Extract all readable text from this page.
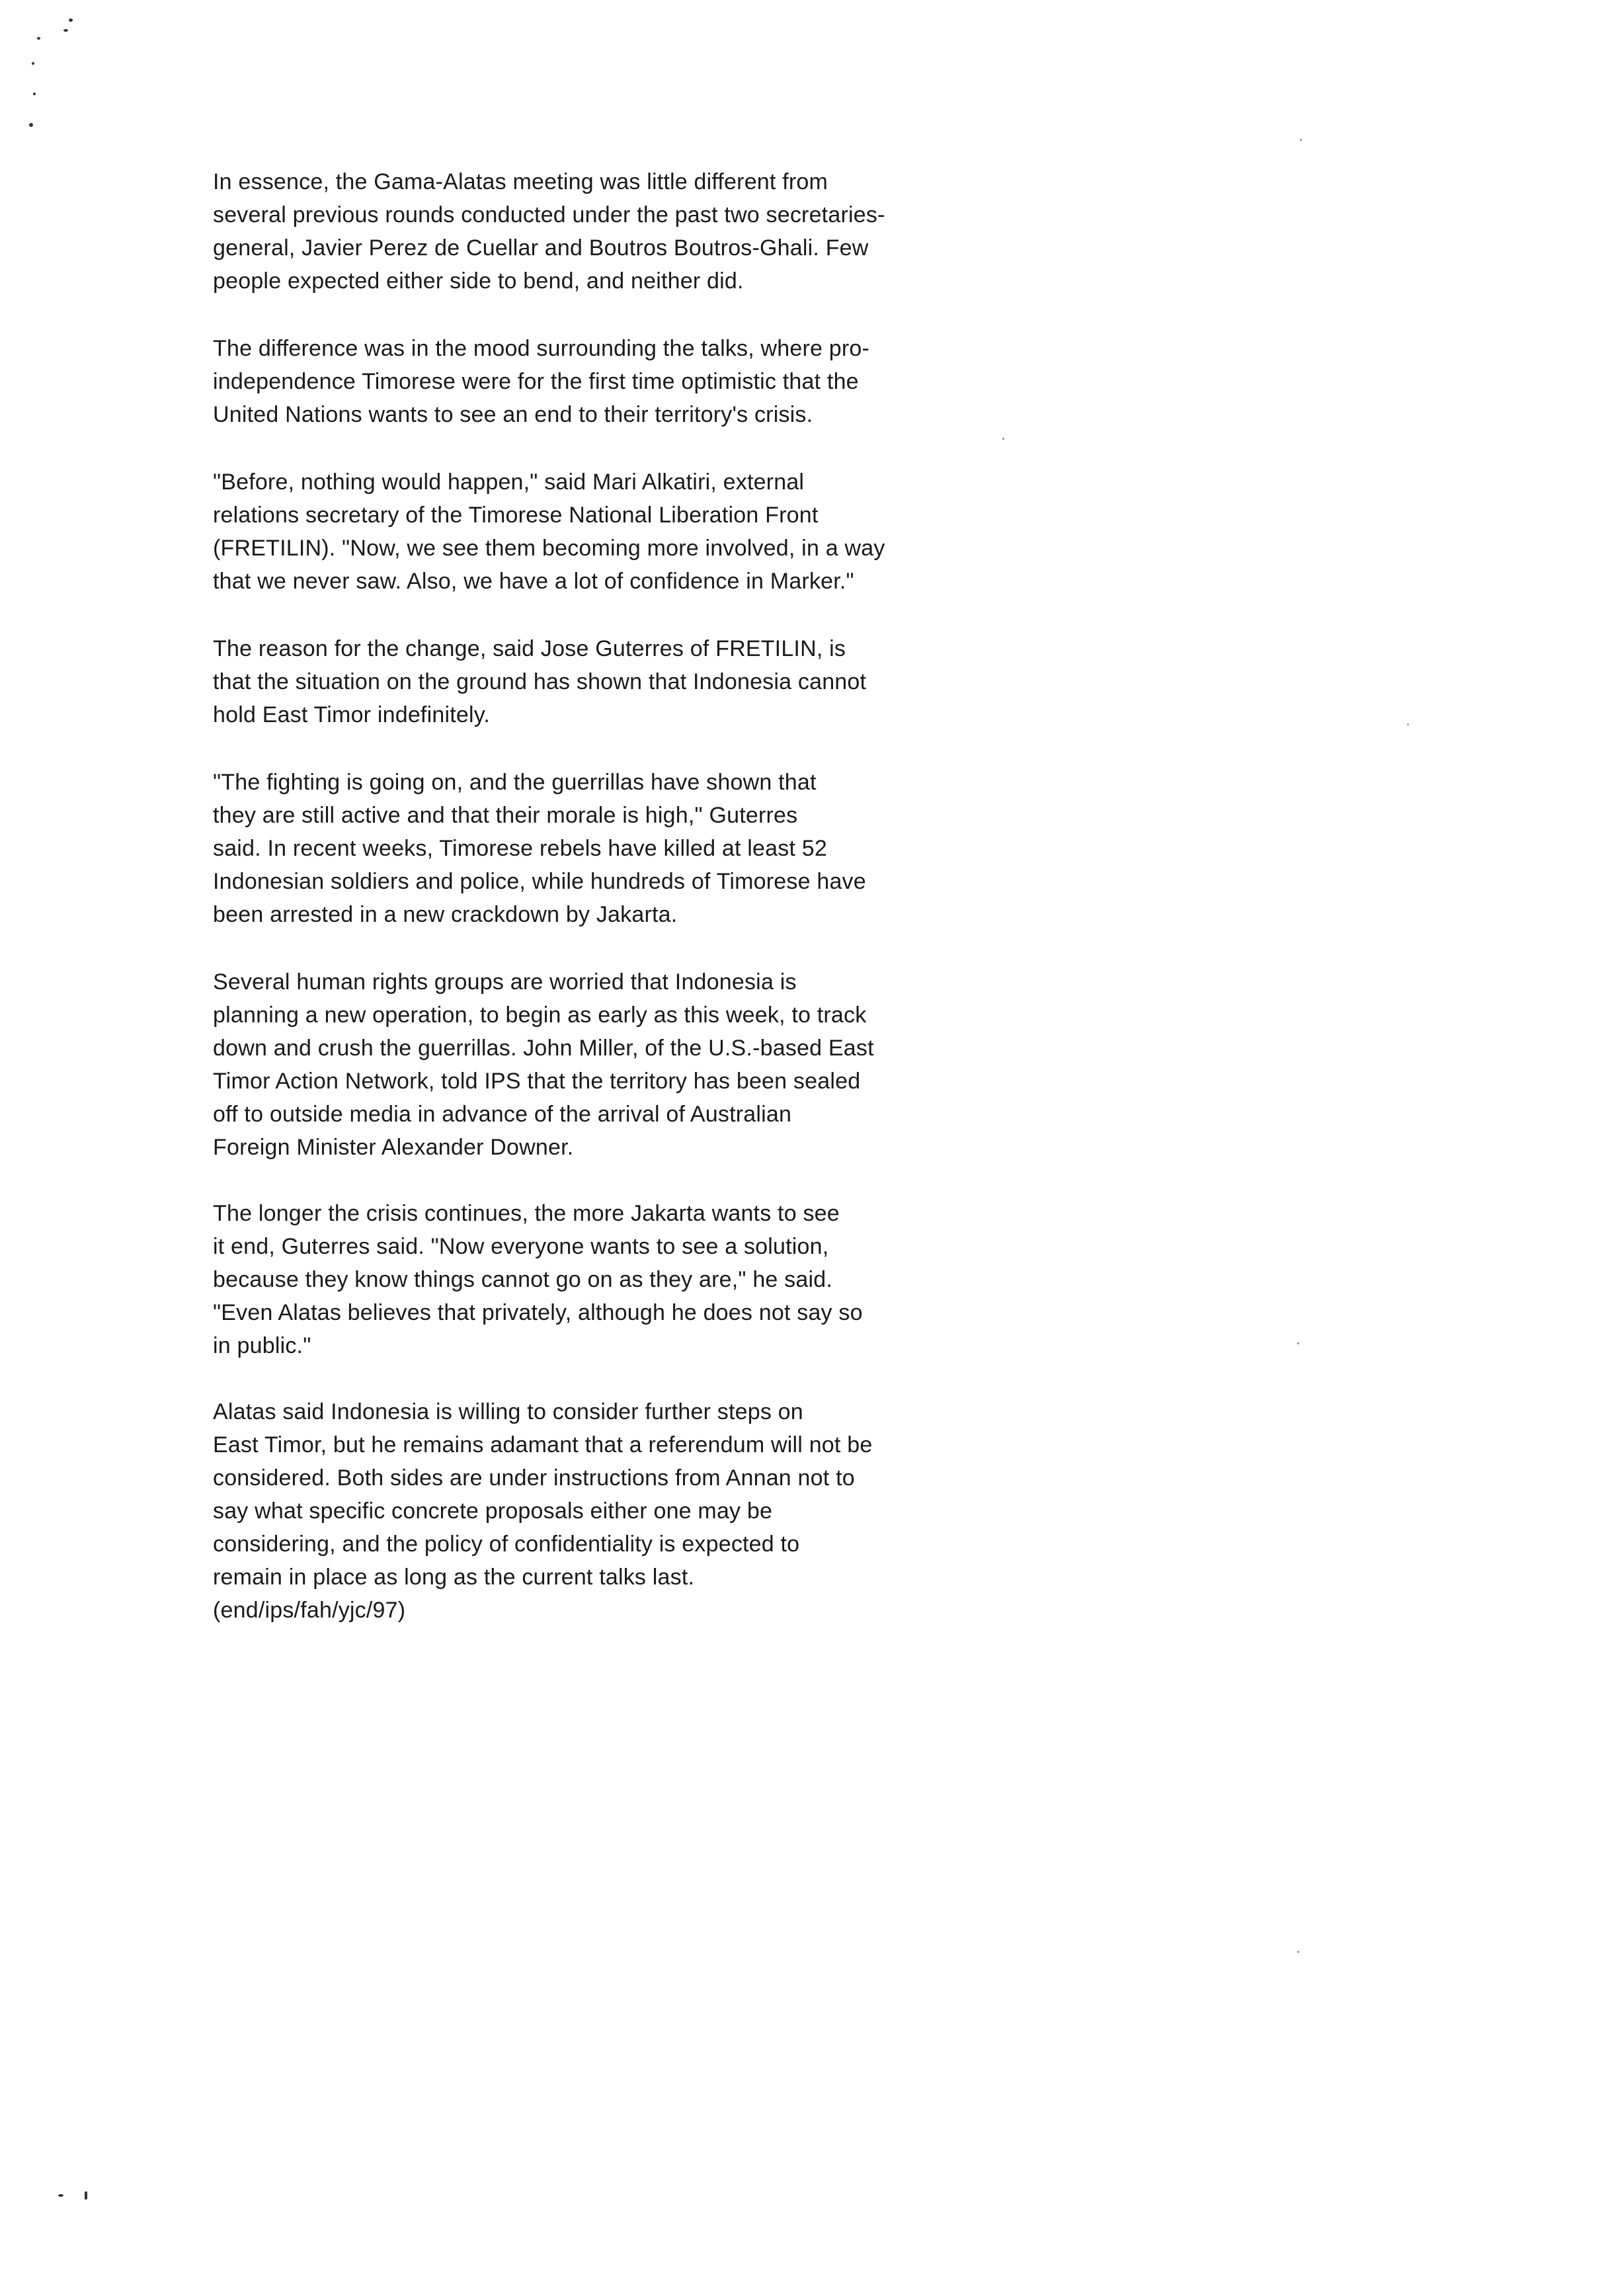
In essence, the Gama-Alatas meeting was little different from
several previous rounds conducted under the past two secretaries-
general, Javier Perez de Cuellar and Boutros Boutros-Ghali. Few
people expected either side to bend, and neither did.

The difference was in the mood surrounding the talks, where pro-
independence Timorese were for the first time optimistic that the
United Nations wants to see an end to their territory's crisis.

"Before, nothing would happen," said Mari Alkatiri, external
relations secretary of the Timorese National Liberation Front
(FRETILIN). "Now, we see them becoming more involved, in a way
that we never saw. Also, we have a lot of confidence in Marker."

The reason for the change, said Jose Guterres of FRETILIN, is
that the situation on the ground has shown that Indonesia cannot
hold East Timor indefinitely.

"The fighting is going on, and the guerrillas have shown that
they are still active and that their morale is high," Guterres
said. In recent weeks, Timorese rebels have killed at least 52
Indonesian soldiers and police, while hundreds of Timorese have
been arrested in a new crackdown by Jakarta.

Several human rights groups are worried that Indonesia is
planning a new operation, to begin as early as this week, to track
down and crush the guerrillas. John Miller, of the U.S.-based East
Timor Action Network, told IPS that the territory has been sealed
off to outside media in advance of the arrival of Australian
Foreign Minister Alexander Downer.

The longer the crisis continues, the more Jakarta wants to see
it end, Guterres said. "Now everyone wants to see a solution,
because they know things cannot go on as they are," he said.
"Even Alatas believes that privately, although he does not say so
in public."

Alatas said Indonesia is willing to consider further steps on
East Timor, but he remains adamant that a referendum will not be
considered. Both sides are under instructions from Annan not to
say what specific concrete proposals either one may be
considering, and the policy of confidentiality is expected to
remain in place as long as the current talks last.
(end/ips/fah/yjc/97)
